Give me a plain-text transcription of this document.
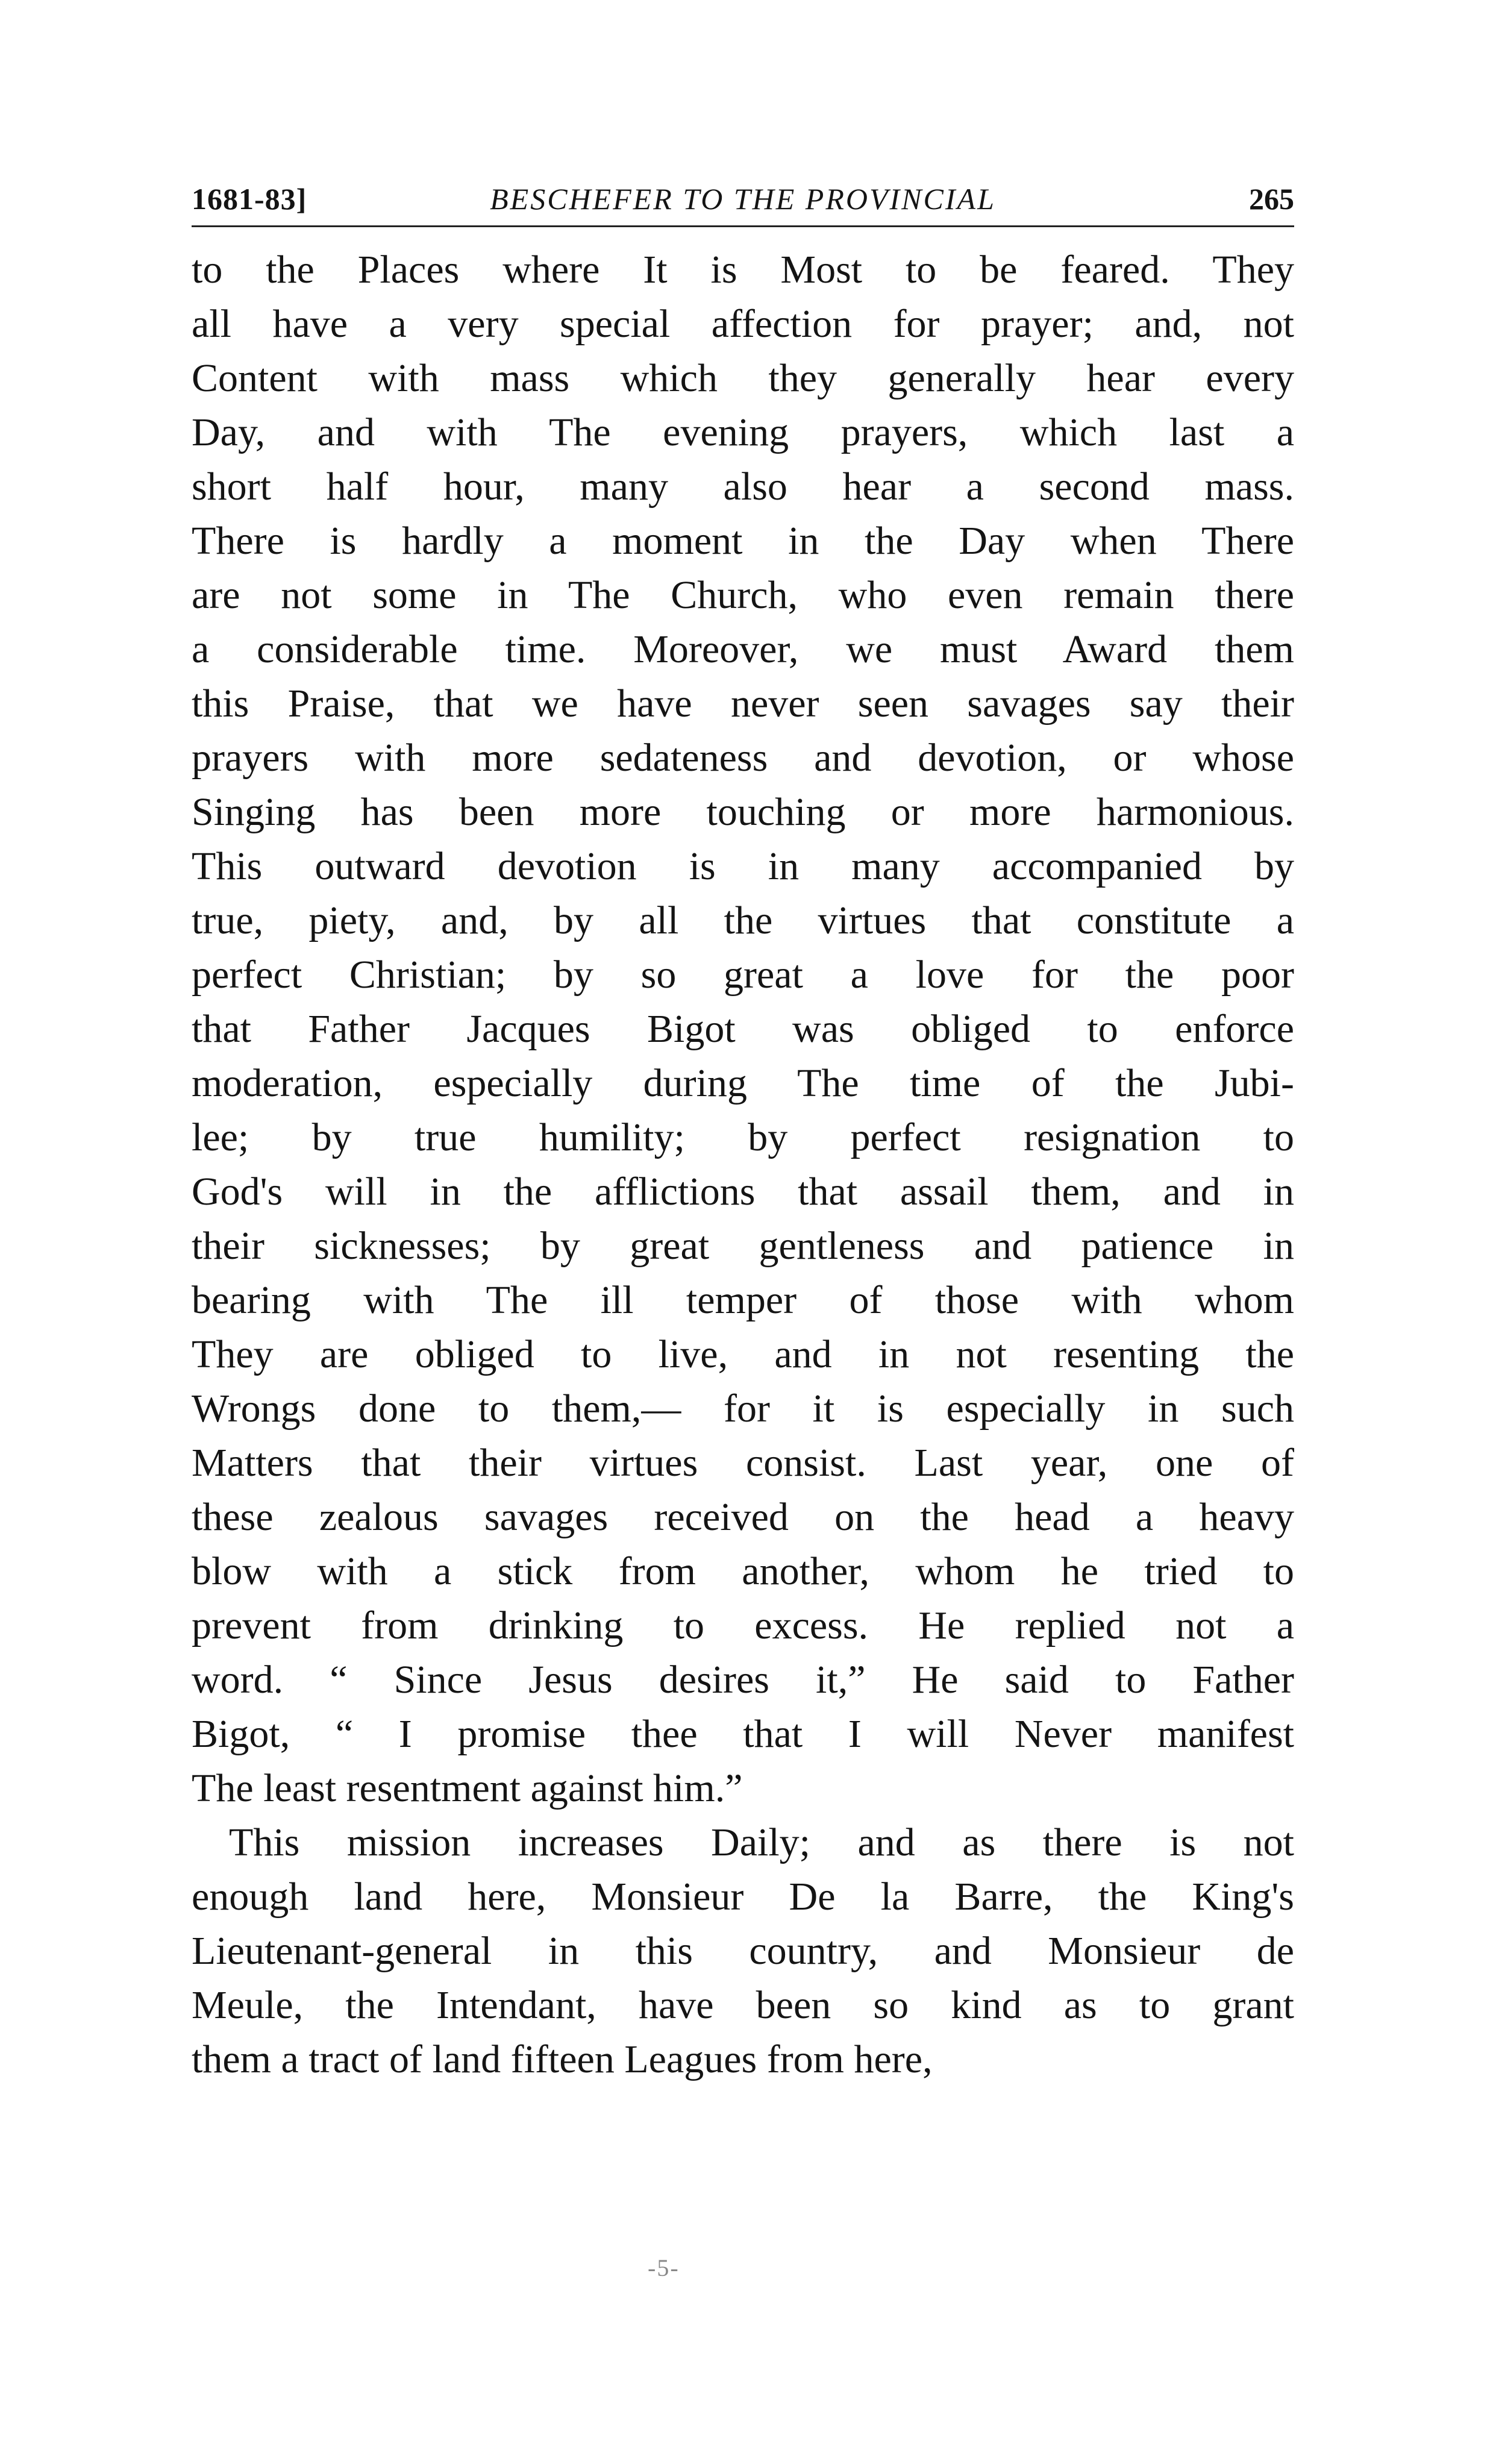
1681-83]	BESCHEFER TO THE PROVINCIAL	265
to the Places where It is Most to be feared. They
all have a very special affection for prayer; and, not
Content with mass which they generally hear every
Day, and with The evening prayers, which last a
short half hour, many also hear a second mass.
There is hardly a moment in the Day when There
are not some in The Church, who even remain there
a considerable time. Moreover, we must Award them
this Praise, that we have never seen savages say their
prayers with more sedateness and devotion, or whose
Singing has been more touching or more harmonious.
This outward devotion is in many accompanied by
true, piety, and, by all the virtues that constitute a
perfect Christian; by so great a love for the poor
that Father Jacques Bigot was obliged to enforce
moderation, especially during The time of the Jubi-
lee; by true humility; by perfect resignation to
God's will in the afflictions that assail them, and in
their sicknesses; by great gentleness and patience in
bearing with The ill temper of those with whom
They are obliged to live, and in not resenting the
Wrongs done to them,— for it is especially in such
Matters that their virtues consist. Last year, one of
these zealous savages received on the head a heavy
blow with a stick from another, whom he tried to
prevent from drinking to excess. He replied not a
word. “ Since Jesus desires it,” He said to Father
Bigot, “ I promise thee that I will Never manifest
The least resentment against him.”
This mission increases Daily; and as there is not
enough land here, Monsieur De la Barre, the King's
Lieutenant-general in this country, and Monsieur de
Meule, the Intendant, have been so kind as to grant
them a tract of land fifteen Leagues from here,
-5-
